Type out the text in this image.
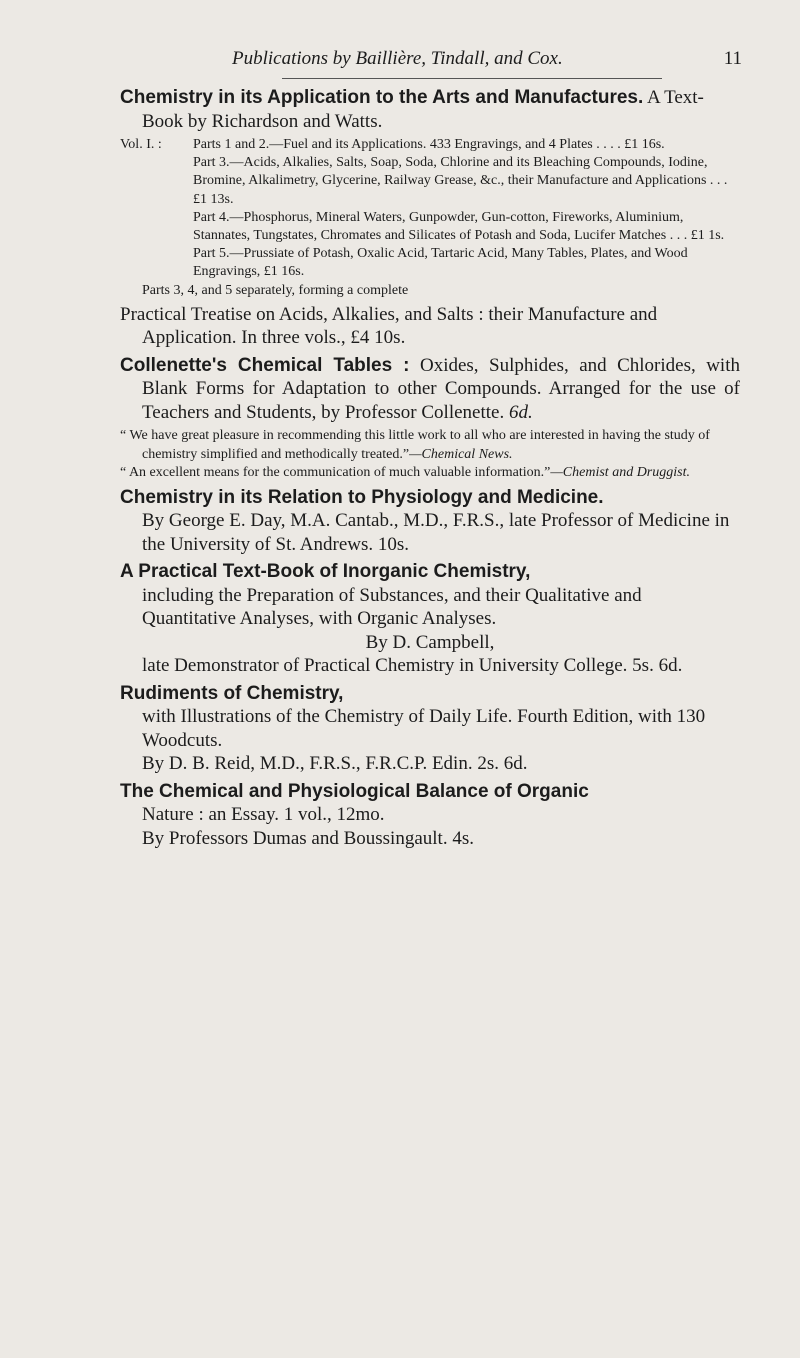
Publications by Baillière, Tindall, and Cox.	11
Chemistry in its Application to the Arts and Manufactures. A Text-Book by Richardson and Watts.
Vol. I. : Parts 1 and 2.—Fuel and its Applications. 433 Engravings, and 4 Plates . . . . £1 16s.
Part 3.—Acids, Alkalies, Salts, Soap, Soda, Chlorine and its Bleaching Compounds, Iodine, Bromine, Alkalimetry, Glycerine, Railway Grease, &c., their Manufacture and Applications . . . £1 13s.
Part 4.—Phosphorus, Mineral Waters, Gunpowder, Gun-cotton, Fireworks, Aluminium, Stannates, Tungstates, Chromates and Silicates of Potash and Soda, Lucifer Matches . . . £1 1s.
Part 5.—Prussiate of Potash, Oxalic Acid, Tartaric Acid, Many Tables, Plates, and Wood Engravings, £1 16s.
Parts 3, 4, and 5 separately, forming a complete
Practical Treatise on Acids, Alkalies, and Salts : their Manufacture and Application. In three vols., £4 10s.
Collenette's Chemical Tables : Oxides, Sulphides, and Chlorides, with Blank Forms for Adaptation to other Compounds. Arranged for the use of Teachers and Students, by Professor Collenette. 6d.
“ We have great pleasure in recommending this little work to all who are interested in having the study of chemistry simplified and methodically treated.”—Chemical News.
“ An excellent means for the communication of much valuable information.”—Chemist and Druggist.
Chemistry in its Relation to Physiology and Medicine.
By George E. Day, M.A. Cantab., M.D., F.R.S., late Professor of Medicine in the University of St. Andrews. 10s.
A Practical Text-Book of Inorganic Chemistry,
including the Preparation of Substances, and their Qualitative and Quantitative Analyses, with Organic Analyses.
By D. Campbell,
late Demonstrator of Practical Chemistry in University College. 5s. 6d.
Rudiments of Chemistry,
with Illustrations of the Chemistry of Daily Life. Fourth Edition, with 130 Woodcuts.
By D. B. Reid, M.D., F.R.S., F.R.C.P. Edin. 2s. 6d.
The Chemical and Physiological Balance of Organic
Nature : an Essay. 1 vol., 12mo.
By Professors Dumas and Boussingault. 4s.
